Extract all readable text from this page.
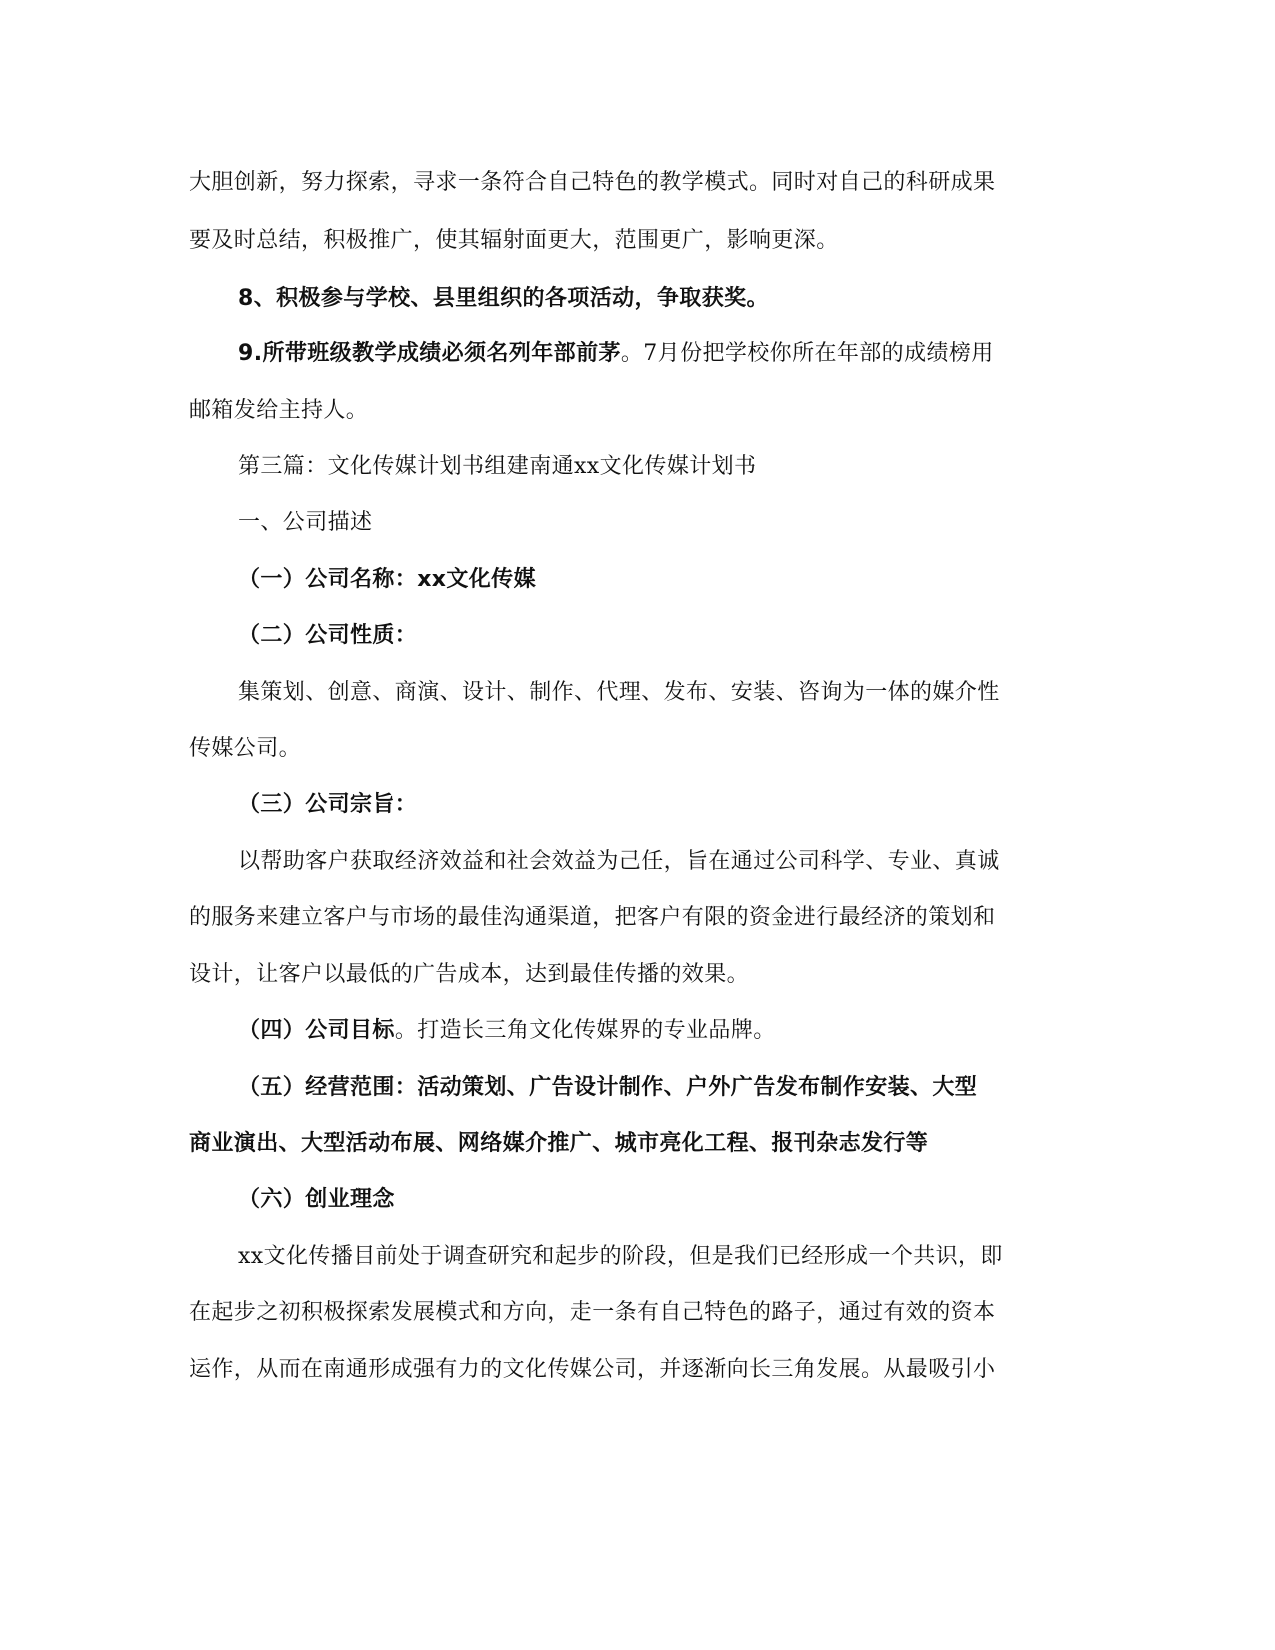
大胆创新，努力探索，寻求一条符合自己特色的教学模式。同时对自己的科研成果
要及时总结，积极推广，使其辐射面更大，范围更广，影响更深。
8、积极参与学校、县里组织的各项活动，争取获奖。
9.所带班级教学成绩必须名列年部前茅。7月份把学校你所在年部的成绩榜用
邮箱发给主持人。
第三篇：文化传媒计划书组建南通xx文化传媒计划书
一、公司描述
（一）公司名称：xx文化传媒
（二）公司性质：
集策划、创意、商演、设计、制作、代理、发布、安装、咨询为一体的媒介性
传媒公司。
（三）公司宗旨：
以帮助客户获取经济效益和社会效益为己任，旨在通过公司科学、专业、真诚
的服务来建立客户与市场的最佳沟通渠道，把客户有限的资金进行最经济的策划和
设计，让客户以最低的广告成本，达到最佳传播的效果。
（四）公司目标。打造长三角文化传媒界的专业品牌。
（五）经营范围：活动策划、广告设计制作、户外广告发布制作安装、大型
商业演出、大型活动布展、网络媒介推广、城市亮化工程、报刊杂志发行等
（六）创业理念
xx文化传播目前处于调查研究和起步的阶段，但是我们已经形成一个共识，即
在起步之初积极探索发展模式和方向，走一条有自己特色的路子，通过有效的资本
运作，从而在南通形成强有力的文化传媒公司，并逐渐向长三角发展。从最吸引小
